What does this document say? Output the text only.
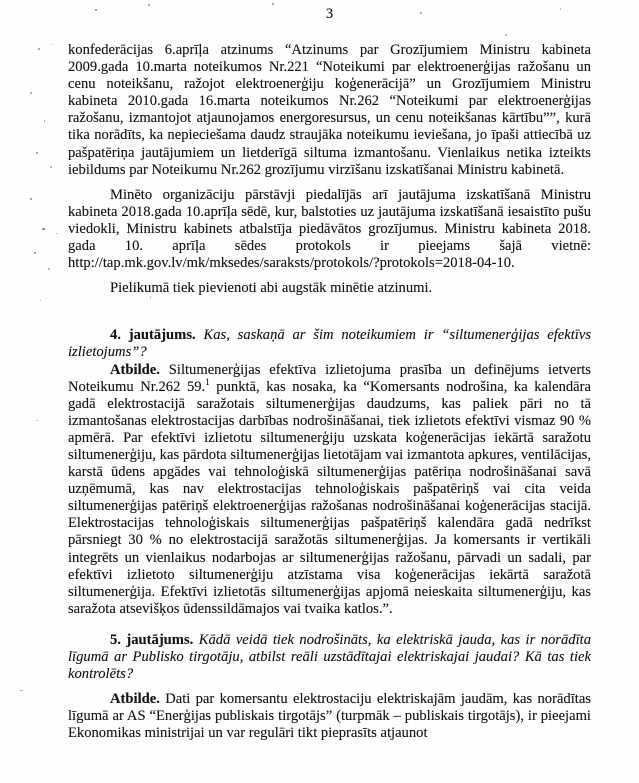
3

konfederācijas 6.aprīļa atzinums “Atzinums par Grozījumiem Ministru kabineta 2009.gada 10.marta noteikumos Nr.221 “Noteikumi par elektroenerģijas ražošanu un cenu noteikšanu, ražojot elektroenerģiju koģenerācijā” un Grozījumiem Ministru kabineta 2010.gada 16.marta noteikumos Nr.262 “Noteikumi par elektroenerģijas ražošanu, izmantojot atjaunojamos energoresursus, un cenu noteikšanas kārtību””, kurā tika norādīts, ka nepieciešama daudz straujāka noteikumu ieviešana, jo īpaši attiecībā uz pašpatēriņa jautājumiem un lietderīgā siltuma izmantošanu. Vienlaikus netika izteikts iebildums par Noteikumu Nr.262 grozījumu virzīšanu izskatīšanai Ministru kabinetā.

Minēto organizāciju pārstāvji piedalījās arī jautājuma izskatīšanā Ministru kabineta 2018.gada 10.aprīļa sēdē, kur, balstoties uz jautājuma izskatīšanā iesaistīto pušu viedokli, Ministru kabinets atbalstīja piedāvātos grozījumus. Ministru kabineta 2018. gada 10. aprīļa sēdes protokols ir pieejams šajā vietnē: http://tap.mk.gov.lv/mk/mksedes/saraksts/protokols/?protokols=2018-04-10.

Pielikumā tiek pievienoti abi augstāk minētie atzinumi.

4. jautājums. Kas, saskaņā ar šim noteikumiem ir “siltumenerģijas efektīvs izlietojums”?

Atbilde. Siltumenerģijas efektīva izlietojuma prasība un definējums ietverts Noteikumu Nr.262 59.$^1$ punktā, kas nosaka, ka “Komersants nodrošina, ka kalendāra gadā elektrostacijā saražotais siltumenerģijas daudzums, kas paliek pāri no tā izmantošanas elektrostacijas darbības nodrošināšanai, tiek izlietots efektīvi vismaz 90 % apmērā. Par efektīvi izlietotu siltumenerģiju uzskata koģenerācijas iekārtā saražotu siltumenerģiju, kas pārdota siltumenerģijas lietotājam vai izmantota apkures, ventilācijas, karstā ūdens apgādes vai tehnoloģiskā siltumenerģijas patēriņa nodrošināšanai savā uzņēmumā, kas nav elektrostacijas tehnoloģiskais pašpatēriņš vai cita veida siltumenerģijas patēriņš elektroenerģijas ražošanas nodrošināšanai koģenerācijas stacijā. Elektrostacijas tehnoloģiskais siltumenerģijas pašpatēriņš kalendāra gadā nedrīkst pārsniegt 30 % no elektrostacijā saražotās siltumenerģijas. Ja komersants ir vertikāli integrēts un vienlaikus nodarbojas ar siltumenerģijas ražošanu, pārvadi un sadali, par efektīvi izlietoto siltumenerģiju atzīstama visa koģenerācijas iekārtā saražotā siltumenerģija. Efektīvi izlietotās siltumenerģijas apjomā neieskaita siltumenerģiju, kas saražota atsevišķos ūdenssildāmajos vai tvaika katlos.”.

5. jautājums. Kādā veidā tiek nodrošināts, ka elektriskā jauda, kas ir norādīta līgumā ar Publisko tirgotāju, atbilst reāli uzstādītajai elektriskajai jaudai? Kā tas tiek kontrolēts?

Atbilde. Dati par komersantu elektrostaciju elektriskajām jaudām, kas norādītas līgumā ar AS “Enerģijas publiskais tirgotājs” (turpmāk – publiskais tirgotājs), ir pieejami Ekonomikas ministrijai un var regulāri tikt pieprasīts atjaunot
